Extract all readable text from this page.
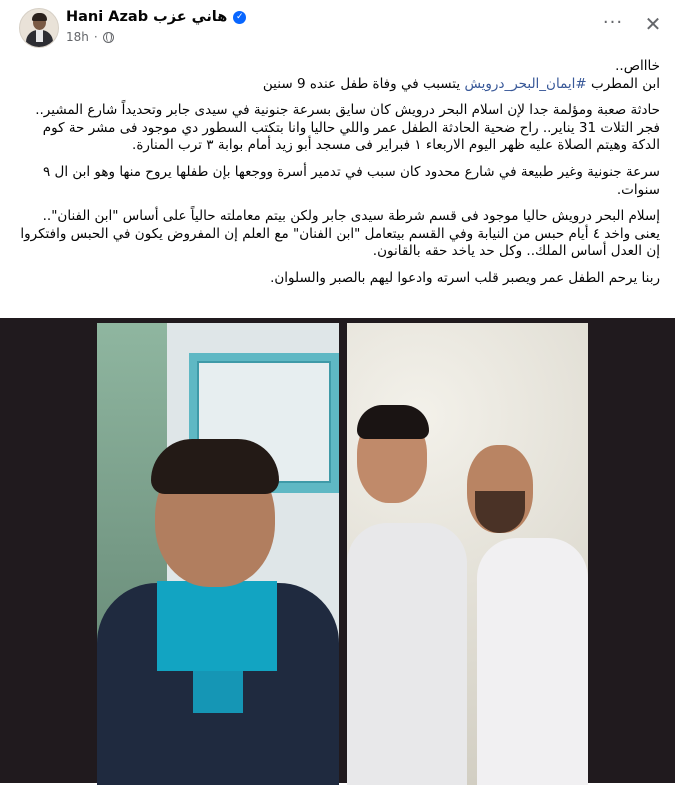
Hani Azab هاني عزب ✓
18h ·
··· ✕

خاااص..

ابن المطرب #ايمان_البحر_درويش يتسبب في وفاة طفل عنده 9 سنين

حادثة صعبة ومؤلمة جدا لإن اسلام البحر درويش كان سايق بسرعة جنونية في سيدى جابر وتحديداً شارع المشير.. فجر التلات 31 يناير.. راح ضحية الحادثة الطفل عمر واللي حاليا وانا بتكتب السطور دي موجود فى مشر حة كوم الدكة وهيتم الصلاة عليه ظهر اليوم الاربعاء ١ فبراير فى مسجد أبو زيد أمام بوابة ٣ ترب المنارة.

سرعة جنونية وغير طبيعة في شارع محدود كان سبب في تدمير أسرة ووجعها بإن طفلها يروح منها وهو ابن ال ٩ سنوات.

إسلام البحر درويش حاليا موجود فى قسم شرطة سيدى جابر ولكن بيتم معاملته حالياً على أساس "ابن الفنان".. يعنى واخد ٤ أيام حبس من النيابة وفي القسم بيتعامل "ابن الفنان" مع العلم إن المفروض يكون في الحبس وافتكروا إن العدل أساس الملك.. وكل حد ياخد حقه بالقانون.

ربنا يرحم الطفل عمر ويصبر قلب اسرته وادعوا ليهم بالصبر والسلوان.
